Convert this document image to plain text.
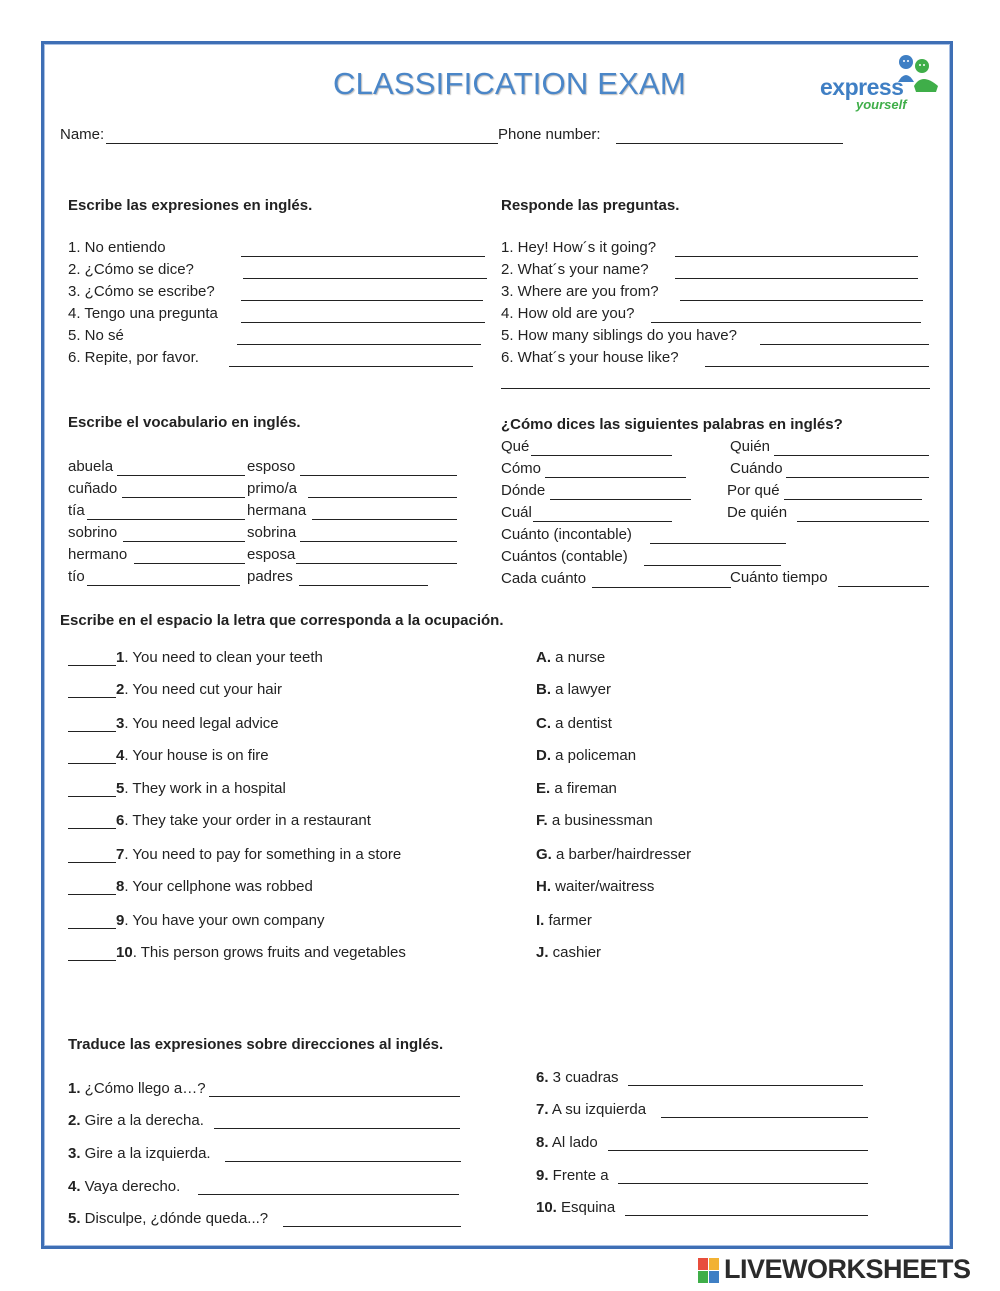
CLASSIFICATION EXAM	express
yourself
Name:	Phone number:
Escribe las expresiones en inglés.
1. No entiendo
2. ¿Cómo se dice?
3. ¿Cómo se escribe?
4. Tengo una pregunta
5. No sé
6. Repite, por favor.
Responde las preguntas.
1. Hey! How´s it going?
2. What´s your name?
3. Where are you from?
4. How old are you?
5. How many siblings do you have?
6. What´s your house like?
Escribe el vocabulario en inglés.
abuela
cuñado
tía
sobrino
hermano
tío
esposo
primo/a
hermana
sobrina
esposa
padres
¿Cómo dices las siguientes palabras en inglés?
Qué
Cómo
Dónde
Cuál
Cuánto (incontable)
Cuántos (contable)
Cada cuánto
Quién
Cuándo
Por qué
De quién
Cuánto tiempo
Escribe en el espacio la letra que corresponda a la ocupación.
1. You need to clean your teeth
2. You need cut your hair
3. You need legal advice
4. Your house is on fire
5. They work in a hospital
6. They take your order in a restaurant
7. You need to pay for something in a store
8. Your cellphone was robbed
9. You have your own company
10. This person grows fruits and vegetables
A. a nurse
B. a lawyer
C. a dentist
D. a policeman
E. a fireman
F. a businessman
G. a barber/hairdresser
H. waiter/waitress
I. farmer
J. cashier
Traduce las expresiones sobre direcciones al inglés.
1. ¿Cómo llego a…?
2. Gire a la derecha.
3. Gire a la izquierda.
4. Vaya derecho.
5. Disculpe, ¿dónde queda...?
6. 3 cuadras
7. A su izquierda
8. Al lado
9. Frente a
10. Esquina
LIVEWORKSHEETS
